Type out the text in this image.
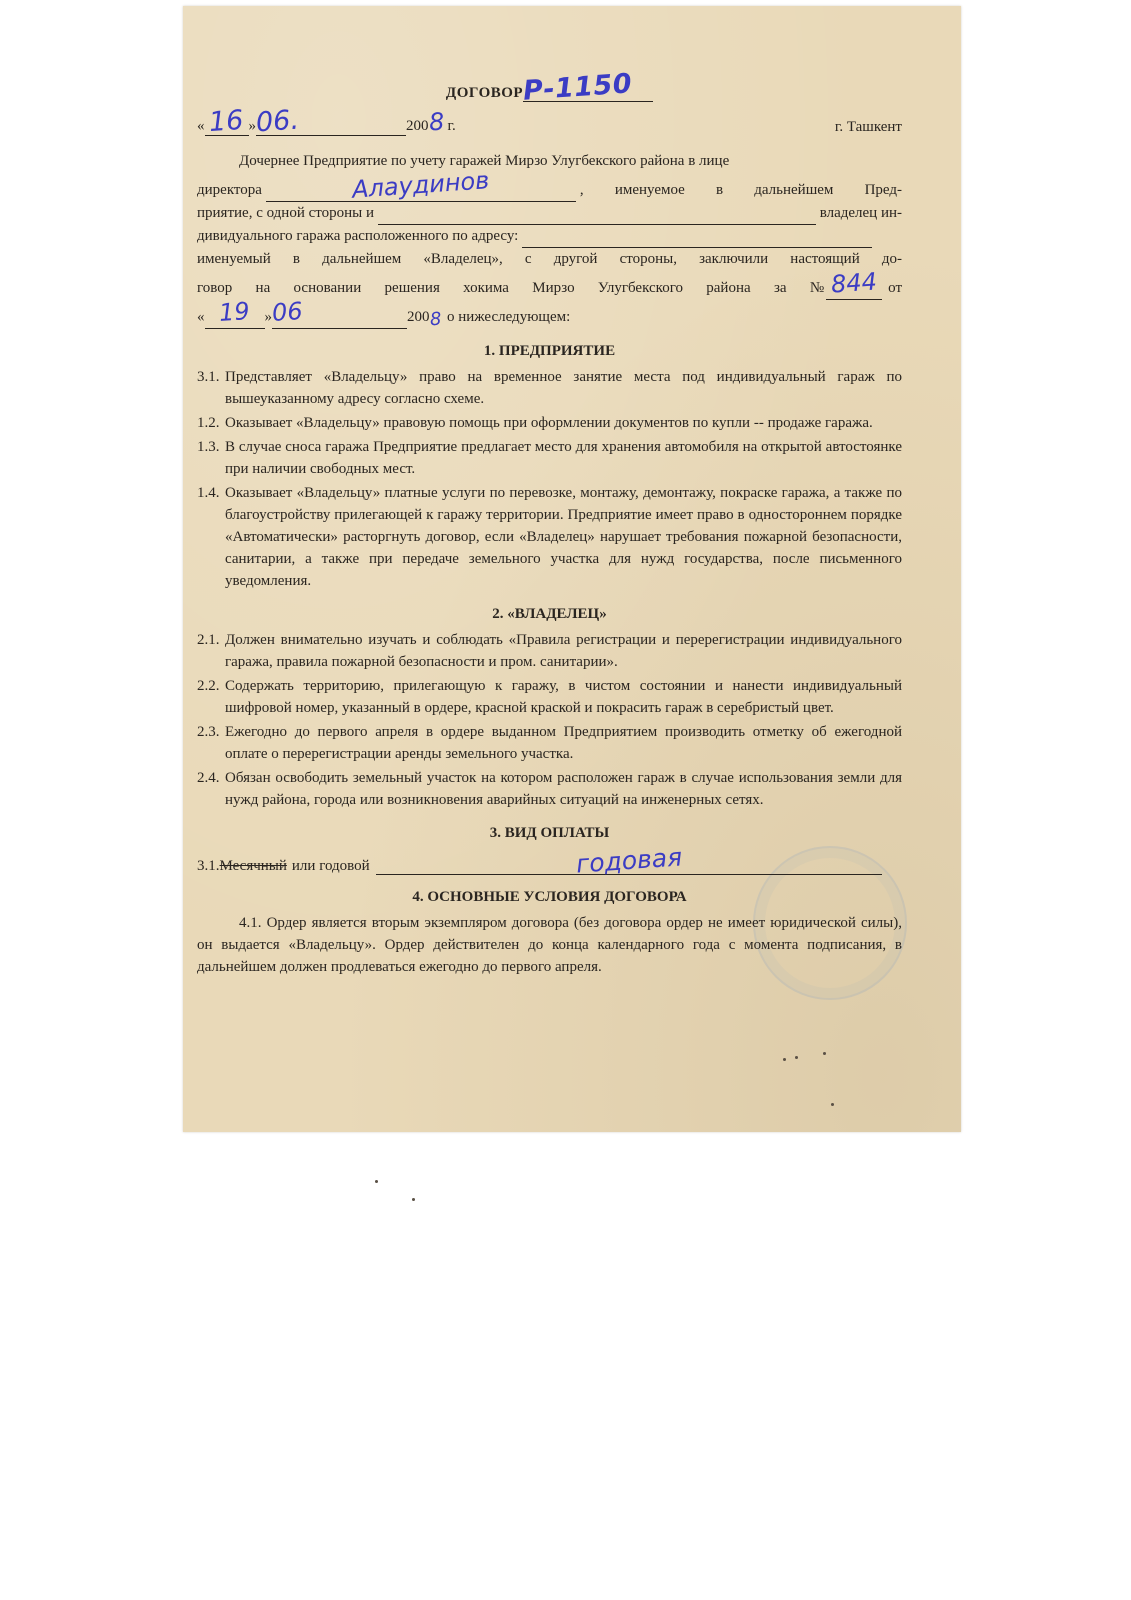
ДОГОВОР Р-1150
« 16 »06.	2008 г.	г. Ташкент
Дочернее Предприятие по учету гаражей Мирзо Улугбекского района в лице
директора	Алаудинов	, именуемое в дальнейшем Пред-
приятие, с одной стороны и	владелец ин-
дивидуального гаража расположенного по адресу:
именуемый в дальнейшем «Владелец», с другой стороны, заключили настоящий до-
говор на основании решения хокима Мирзо Улугбекского района за № 844 от
« 19 » 06	200 8 о нижеследующем:
1. ПРЕДПРИЯТИЕ
3.1. Представляет «Владельцу» право на временное занятие места под индивидуальный гараж по вышеуказанному адресу согласно схеме.
1.2. Оказывает «Владельцу» правовую помощь при оформлении документов по купли -- продаже гаража.
1.3. В случае сноса гаража Предприятие предлагает место для хранения автомобиля на открытой автостоянке при наличии свободных мест.
1.4. Оказывает «Владельцу» платные услуги по перевозке, монтажу, демонтажу, покраске гаража, а также по благоустройству прилегающей к гаражу территории. Предприятие имеет право в одностороннем порядке «Автоматически» расторгнуть договор, если «Владелец» нарушает требования пожарной безопасности, санитарии, а также при передаче земельного участка для нужд государства, после письменного уведомления.
2. «ВЛАДЕЛЕЦ»
2.1. Должен внимательно изучать и соблюдать «Правила регистрации и перерегистрации индивидуального гаража, правила пожарной безопасности и пром. санитарии».
2.2. Содержать территорию, прилегающую к гаражу, в чистом состоянии и нанести индивидуальный шифровой номер, указанный в ордере, красной краской и покрасить гараж в серебристый цвет.
2.3. Ежегодно до первого апреля в ордере выданном Предприятием производить отметку об ежегодной оплате о перерегистрации аренды земельного участка.
2.4. Обязан освободить земельный участок на котором расположен гараж в случае использования земли для нужд района, города или возникновения аварийных ситуаций на инженерных сетях.
3. ВИД ОПЛАТЫ
3.1. Месячный или годовой	годовая
4. ОСНОВНЫЕ УСЛОВИЯ ДОГОВОРА
4.1. Ордер является вторым экземпляром договора (без договора ордер не имеет юридической силы), он выдается «Владельцу». Ордер действителен до конца календарного года с момента подписания, в дальнейшем должен продлеваться ежегодно до первого апреля.
